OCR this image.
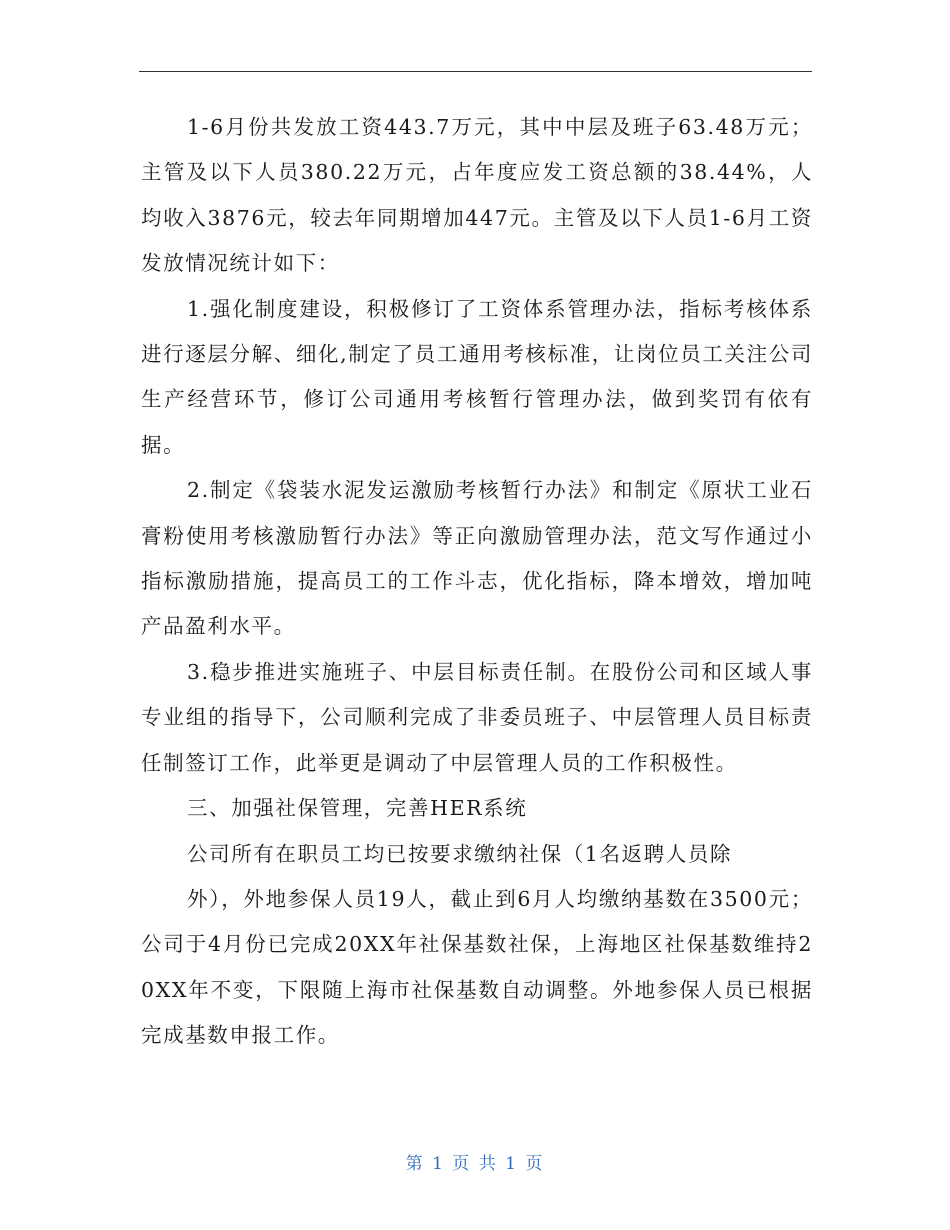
1-6月份共发放工资443.7万元，其中中层及班子63.48万元；主管及以下人员380.22万元，占年度应发工资总额的38.44%，人均收入3876元，较去年同期增加447元。主管及以下人员1-6月工资发放情况统计如下：

1.强化制度建设，积极修订了工资体系管理办法，指标考核体系进行逐层分解、细化,制定了员工通用考核标准，让岗位员工关注公司生产经营环节，修订公司通用考核暂行管理办法，做到奖罚有依有据。

2.制定《袋装水泥发运激励考核暂行办法》和制定《原状工业石膏粉使用考核激励暂行办法》等正向激励管理办法，范文写作通过小指标激励措施，提高员工的工作斗志，优化指标，降本增效，增加吨产品盈利水平。

3.稳步推进实施班子、中层目标责任制。在股份公司和区域人事专业组的指导下，公司顺利完成了非委员班子、中层管理人员目标责任制签订工作，此举更是调动了中层管理人员的工作积极性。

三、加强社保管理，完善HER系统

公司所有在职员工均已按要求缴纳社保（1名返聘人员除

外），外地参保人员19人，截止到6月人均缴纳基数在3500元；公司于4月份已完成20XX年社保基数社保，上海地区社保基数维持20XX年不变，下限随上海市社保基数自动调整。外地参保人员已根据完成基数申报工作。

第 1 页 共 1 页
